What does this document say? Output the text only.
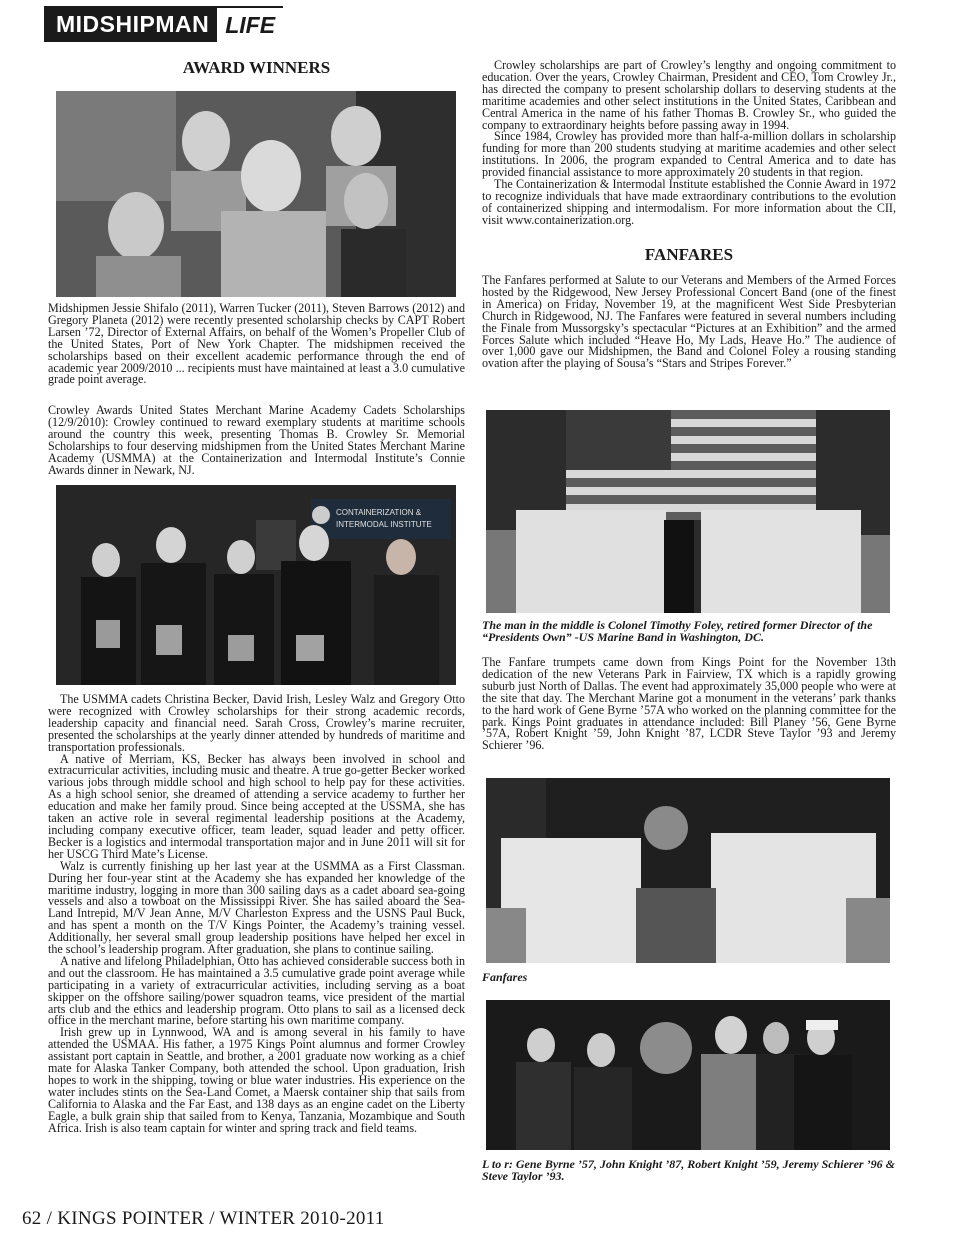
MIDSHIPMAN LIFE
AWARD WINNERS

Midshipmen Jessie Shifalo (2011), Warren Tucker (2011), Steven Barrows (2012) and Gregory Planeta (2012) were recently presented scholarship checks by CAPT Robert Larsen ’72, Director of External Affairs, on behalf of the Women’s Propeller Club of the United States, Port of New York Chapter. The midshipmen received the scholarships based on their excellent academic performance through the end of academic year 2009/2010 ... recipients must have maintained at least a 3.0 cumulative grade point average.

Crowley Awards United States Merchant Marine Academy Cadets Scholarships (12/9/2010): Crowley continued to reward exemplary students at maritime schools around the country this week, presenting Thomas B. Crowley Sr. Memorial Scholarships to four deserving midshipmen from the United States Merchant Marine Academy (USMMA) at the Containerization and Intermodal Institute’s Connie Awards dinner in Newark, NJ.

CONTAINERIZATION &
INTERMODAL INSTITUTE

The USMMA cadets Christina Becker, David Irish, Lesley Walz and Gregory Otto were recognized with Crowley scholarships for their strong academic records, leadership capacity and financial need. Sarah Cross, Crowley’s marine recruiter, presented the scholarships at the yearly dinner attended by hundreds of maritime and transportation professionals.

A native of Merriam, KS, Becker has always been involved in school and extracurricular activities, including music and theatre. A true go-getter Becker worked various jobs through middle school and high school to help pay for these activities. As a high school senior, she dreamed of attending a service academy to further her education and make her family proud. Since being accepted at the USSMA, she has taken an active role in several regimental leadership positions at the Academy, including company executive officer, team leader, squad leader and petty officer. Becker is a logistics and intermodal transportation major and in June 2011 will sit for her USCG Third Mate’s License.

Walz is currently finishing up her last year at the USMMA as a First Classman. During her four-year stint at the Academy she has expanded her knowledge of the maritime industry, logging in more than 300 sailing days as a cadet aboard sea-going vessels and also a towboat on the Mississippi River. She has sailed aboard the Sea-Land Intrepid, M/V Jean Anne, M/V Charleston Express and the USNS Paul Buck, and has spent a month on the T/V Kings Pointer, the Academy’s training vessel. Additionally, her several small group leadership positions have helped her excel in the school’s leadership program. After graduation, she plans to continue sailing.

A native and lifelong Philadelphian, Otto has achieved considerable success both in and out the classroom. He has maintained a 3.5 cumulative grade point average while participating in a variety of extracurricular activities, including serving as a boat skipper on the offshore sailing/power squadron teams, vice president of the martial arts club and the ethics and leadership program. Otto plans to sail as a licensed deck office in the merchant marine, before starting his own maritime company.

Irish grew up in Lynnwood, WA and is among several in his family to have attended the USMAA. His father, a 1975 Kings Point alumnus and former Crowley assistant port captain in Seattle, and brother, a 2001 graduate now working as a chief mate for Alaska Tanker Company, both attended the school. Upon graduation, Irish hopes to work in the shipping, towing or blue water industries. His experience on the water includes stints on the Sea-Land Comet, a Maersk container ship that sails from California to Alaska and the Far East, and 138 days as an engine cadet on the Liberty Eagle, a bulk grain ship that sailed from to Kenya, Tanzania, Mozambique and South Africa. Irish is also team captain for winter and spring track and field teams.

Crowley scholarships are part of Crowley’s lengthy and ongoing commitment to education. Over the years, Crowley Chairman, President and CEO, Tom Crowley Jr., has directed the company to present scholarship dollars to deserving students at the maritime academies and other select institutions in the United States, Caribbean and Central America in the name of his father Thomas B. Crowley Sr., who guided the company to extraordinary heights before passing away in 1994.

Since 1984, Crowley has provided more than half-a-million dollars in scholarship funding for more than 200 students studying at maritime academies and other select institutions. In 2006, the program expanded to Central America and to date has provided financial assistance to more approximately 20 students in that region.

The Containerization & Intermodal Institute established the Connie Award in 1972 to recognize individuals that have made extraordinary contributions to the evolution of containerized shipping and intermodalism. For more information about the CII, visit www.containerization.org.

FANFARES

The Fanfares performed at Salute to our Veterans and Members of the Armed Forces hosted by the Ridgewood, New Jersey Professional Concert Band (one of the finest in America) on Friday, November 19, at the magnificent West Side Presbyterian Church in Ridgewood, NJ. The Fanfares were featured in several numbers including the Finale from Mussorgsky’s spectacular “Pictures at an Exhibition” and the armed Forces Salute which included “Heave Ho, My Lads, Heave Ho.” The audience of over 1,000 gave our Midshipmen, the Band and Colonel Foley a rousing standing ovation after the playing of Sousa’s “Stars and Stripes Forever.”

The man in the middle is Colonel Timothy Foley, retired former Director of the “Presidents Own” -US Marine Band in Washington, DC.

The Fanfare trumpets came down from Kings Point for the November 13th dedication of the new Veterans Park in Fairview, TX which is a rapidly growing suburb just North of Dallas. The event had approximately 35,000 people who were at the site that day. The Merchant Marine got a monument in the veterans’ park thanks to the hard work of Gene Byrne ’57A who worked on the planning committee for the park. Kings Point graduates in attendance included: Bill Planey ’56, Gene Byrne ’57A, Robert Knight ’59, John Knight ’87, LCDR Steve Taylor ’93 and Jeremy Schierer ’96.

Fanfares
L to r: Gene Byrne ’57, John Knight ’87, Robert Knight ’59, Jeremy Schierer ’96 & Steve Taylor ’93.
62 / KINGS POINTER / WINTER 2010-2011
